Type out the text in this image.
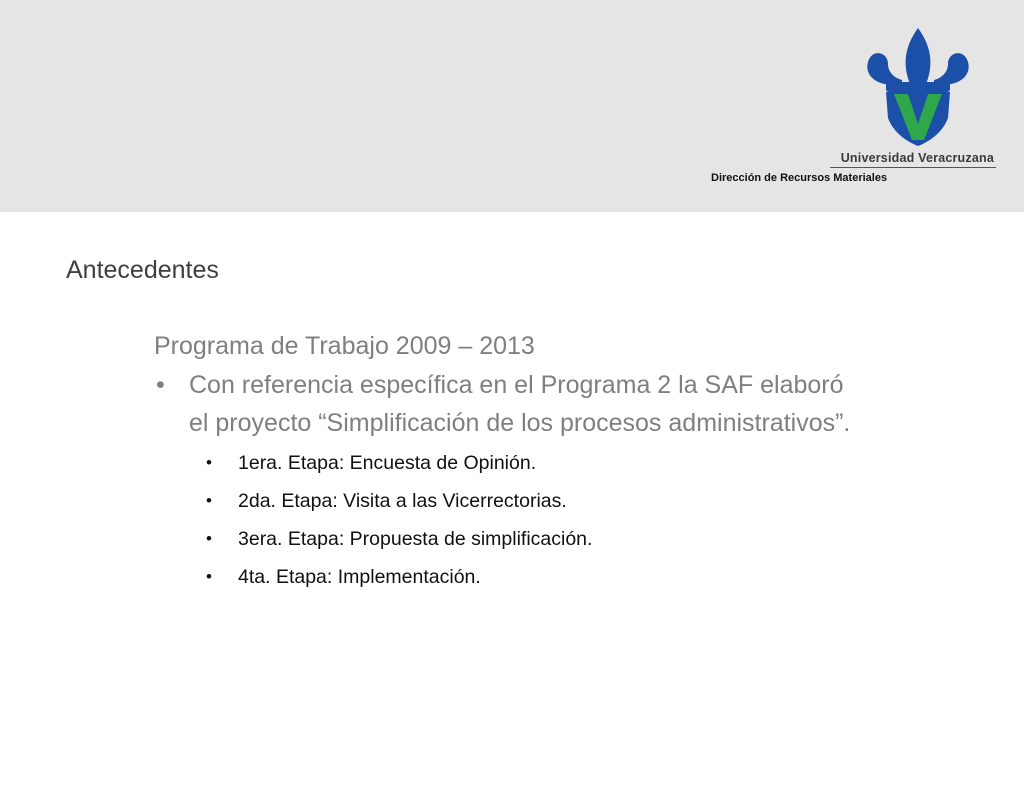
Universidad Veracruzana
Dirección de Recursos Materiales
Antecedentes
Programa de Trabajo 2009 – 2013
• Con referencia específica en el Programa 2 la SAF elaboró el proyecto “Simplificación de los procesos administrativos”.
• 1era. Etapa: Encuesta de Opinión.
• 2da. Etapa: Visita a las Vicerrectorias.
• 3era. Etapa: Propuesta de simplificación.
• 4ta. Etapa: Implementación.
